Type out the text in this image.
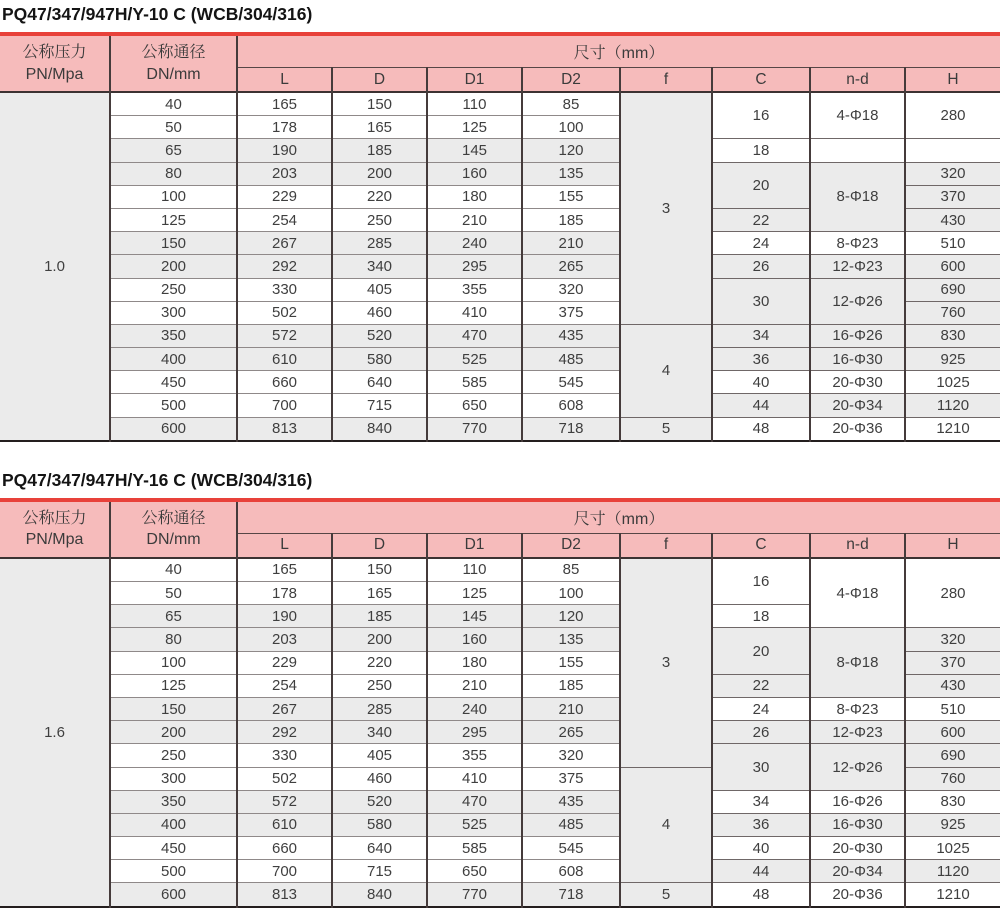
PQ47/347/947H/Y-10 C (WCB/304/316)
公称压力
PN/Mpa

公称通径
DN/mm
	尺寸（mm）
		L	D	D1	D2	f	C	n-d	H
1.0	40	165	150	110	85	3	16	4-Φ18	280
	50	178	165	125	100				
	65	190	185	145	120		18		
	80	203	200	160	135		20	8-Φ18	320
	100	229	220	180	155				370
	125	254	250	210	185		22		430
	150	267	285	240	210		24	8-Φ23	510
	200	292	340	295	265		26	12-Φ23	600
	250	330	405	355	320		30	12-Φ26	690
	300	502	460	410	375				760
	350	572	520	470	435	4	34	16-Φ26	830
	400	610	580	525	485		36	16-Φ30	925
	450	660	640	585	545		40	20-Φ30	1025
	500	700	715	650	608		44	20-Φ34	1120
	600	813	840	770	718	5	48	20-Φ36	1210
PQ47/347/947H/Y-16 C (WCB/304/316)
公称压力
PN/Mpa

公称通径
DN/mm
	尺寸（mm）
		L	D	D1	D2	f	C	n-d	H
1.6	40	165	150	110	85	3	16	4-Φ18	280
	50	178	165	125	100				
	65	190	185	145	120		18		
	80	203	200	160	135		20	8-Φ18	320
	100	229	220	180	155				370
	125	254	250	210	185		22		430
	150	267	285	240	210		24	8-Φ23	510
	200	292	340	295	265		26	12-Φ23	600
	250	330	405	355	320		30	12-Φ26	690
	300	502	460	410	375	4			760
	350	572	520	470	435		34	16-Φ26	830
	400	610	580	525	485		36	16-Φ30	925
	450	660	640	585	545		40	20-Φ30	1025
	500	700	715	650	608		44	20-Φ34	1120
	600	813	840	770	718	5	48	20-Φ36	1210
